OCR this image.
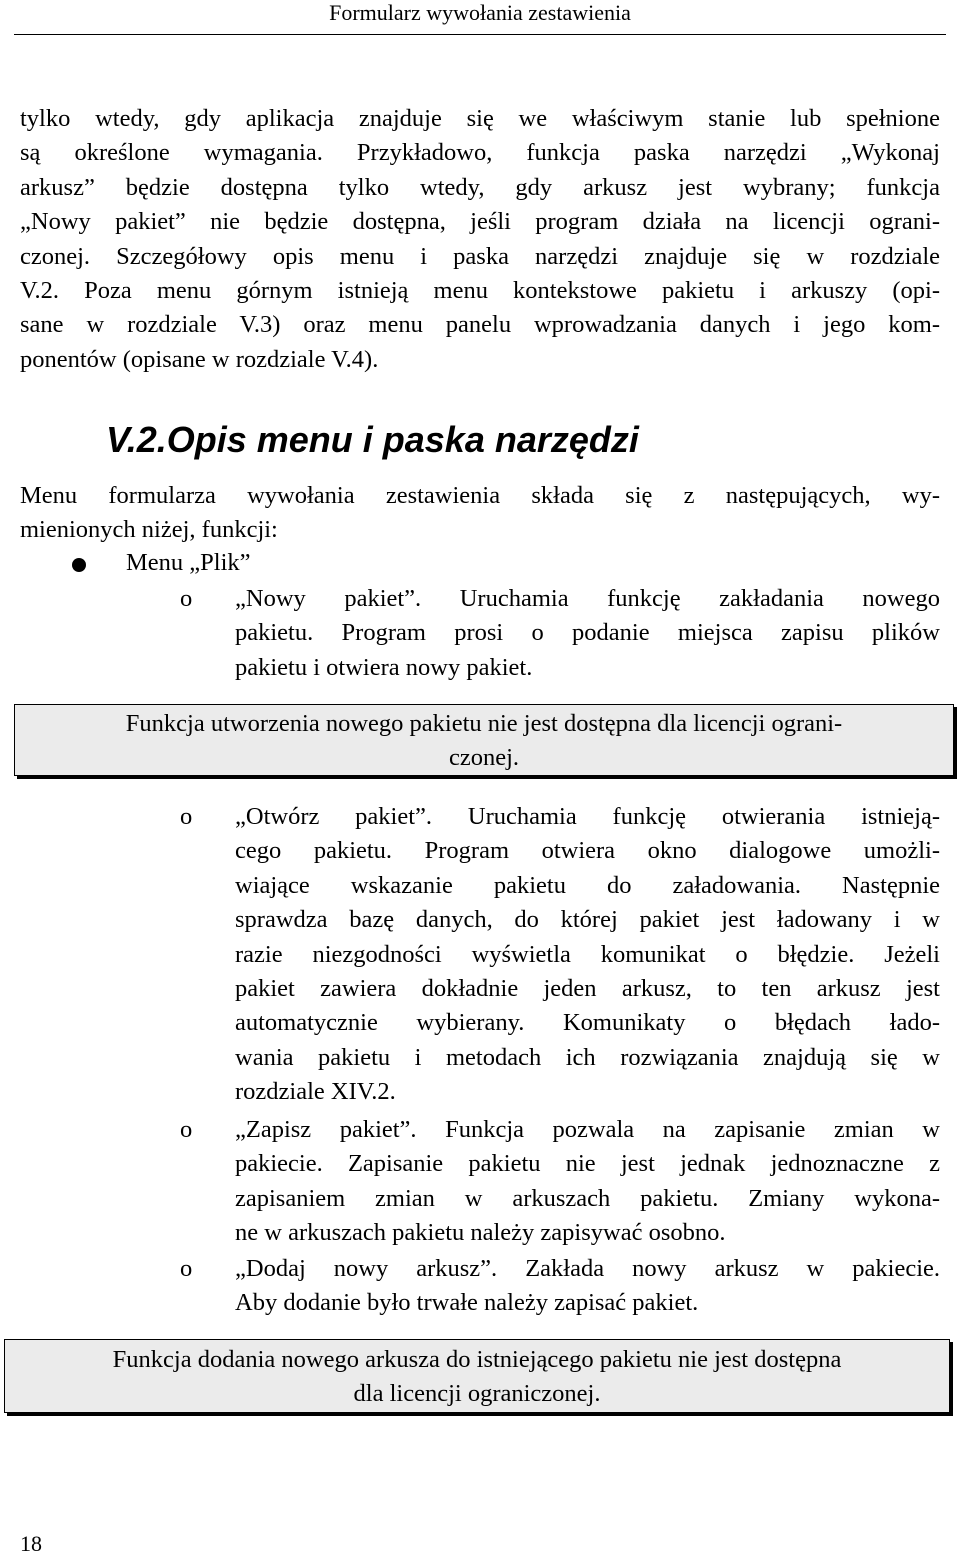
Formularz wywołania zestawienia
tylko wtedy, gdy aplikacja znajduje się we właściwym stanie lub spełnione
są określone wymagania. Przykładowo, funkcja paska narzędzi „Wykonaj
arkusz” będzie dostępna tylko wtedy, gdy arkusz jest wybrany; funkcja
„Nowy pakiet” nie będzie dostępna, jeśli program działa na licencji ograni-
czonej. Szczegółowy opis menu i paska narzędzi znajduje się w rozdziale
V.2. Poza menu górnym istnieją menu kontekstowe pakietu i arkuszy (opi-
sane w rozdziale V.3) oraz menu panelu wprowadzania danych i jego kom-
ponentów (opisane w rozdziale V.4).
V.2.Opis menu i paska narzędzi
Menu formularza wywołania zestawienia składa się z następujących, wy-
mienionych niżej, funkcji:
Menu „Plik”
o „Nowy pakiet”. Uruchamia funkcję zakładania nowego
pakietu. Program prosi o podanie miejsca zapisu plików
pakietu i otwiera nowy pakiet.
Funkcja utworzenia nowego pakietu nie jest dostępna dla licencji ograni-
czonej.
o „Otwórz pakiet”. Uruchamia funkcję otwierania istnieją-
cego pakietu. Program otwiera okno dialogowe umożli-
wiające wskazanie pakietu do załadowania. Następnie
sprawdza bazę danych, do której pakiet jest ładowany i w
razie niezgodności wyświetla komunikat o błędzie. Jeżeli
pakiet zawiera dokładnie jeden arkusz, to ten arkusz jest
automatycznie wybierany. Komunikaty o błędach łado-
wania pakietu i metodach ich rozwiązania znajdują się w
rozdziale XIV.2.
o „Zapisz pakiet”. Funkcja pozwala na zapisanie zmian w
pakiecie. Zapisanie pakietu nie jest jednak jednoznaczne z
zapisaniem zmian w arkuszach pakietu. Zmiany wykona-
ne w arkuszach pakietu należy zapisywać osobno.
o „Dodaj nowy arkusz”. Zakłada nowy arkusz w pakiecie.
Aby dodanie było trwałe należy zapisać pakiet.
Funkcja dodania nowego arkusza do istniejącego pakietu nie jest dostępna
dla licencji ograniczonej.
18
